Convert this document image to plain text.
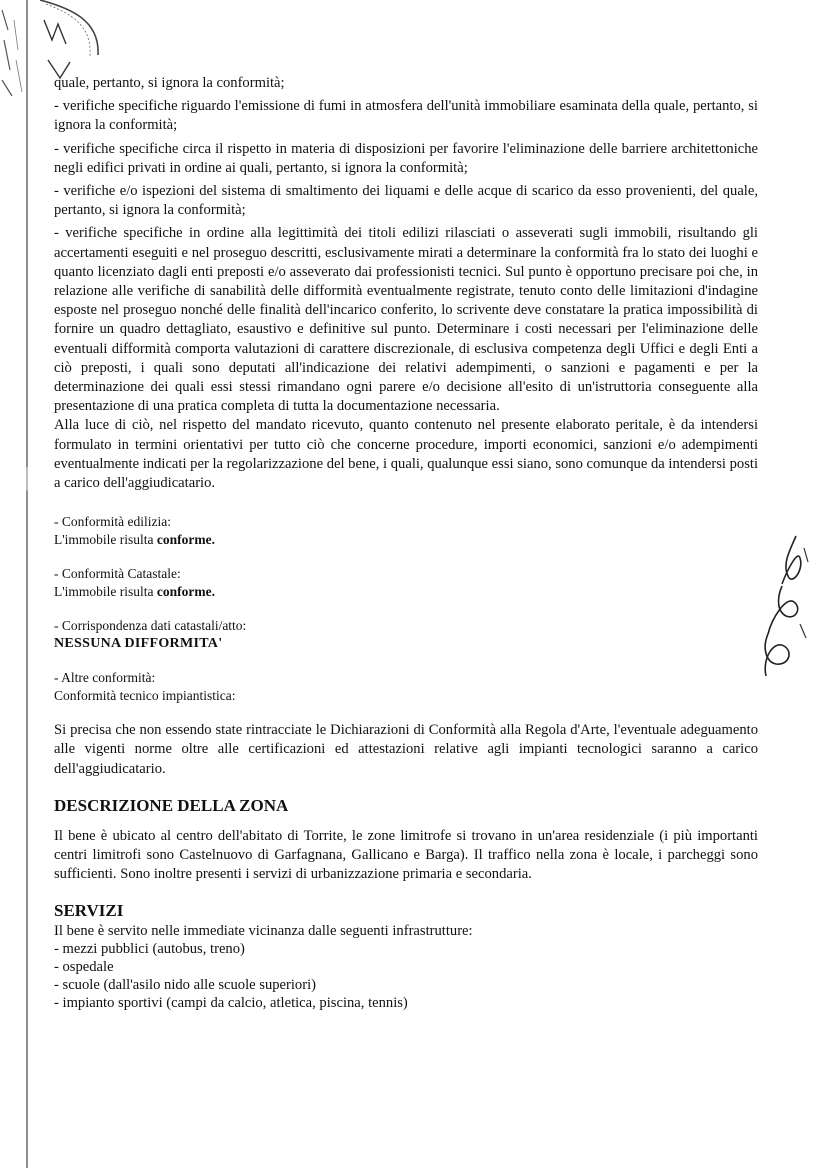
quale, pertanto, si ignora la conformità;

- verifiche specifiche riguardo l'emissione di fumi in atmosfera dell'unità immobiliare esaminata della quale, pertanto, si ignora la conformità;

- verifiche specifiche circa il rispetto in materia di disposizioni per favorire l'eliminazione delle barriere architettoniche negli edifici privati in ordine ai quali, pertanto, si ignora la conformità;

- verifiche e/o ispezioni del sistema di smaltimento dei liquami e delle acque di scarico da esso provenienti, del quale, pertanto, si ignora la conformità;

- verifiche specifiche in ordine alla legittimità dei titoli edilizi rilasciati o asseverati sugli immobili, risultando gli accertamenti eseguiti e nel proseguo descritti, esclusivamente mirati a determinare la conformità fra lo stato dei luoghi e quanto licenziato dagli enti preposti e/o asseverato dai professionisti tecnici. Sul punto è opportuno precisare poi che, in relazione alle verifiche di sanabilità delle difformità eventualmente registrate, tenuto conto delle limitazioni d'indagine esposte nel proseguo nonché delle finalità dell'incarico conferito, lo scrivente deve constatare la pratica impossibilità di fornire un quadro dettagliato, esaustivo e definitive sul punto. Determinare i costi necessari per l'eliminazione delle eventuali difformità comporta valutazioni di carattere discrezionale, di esclusiva competenza degli Uffici e degli Enti a ciò preposti, i quali sono deputati all'indicazione dei relativi adempimenti, o sanzioni e pagamenti e per la determinazione dei quali essi stessi rimandano ogni parere e/o decisione all'esito di un'istruttoria conseguente alla presentazione di una pratica completa di tutta la documentazione necessaria.

Alla luce di ciò, nel rispetto del mandato ricevuto, quanto contenuto nel presente elaborato peritale, è da intendersi formulato in termini orientativi per tutto ciò che concerne procedure, importi economici, sanzioni e/o adempimenti eventualmente indicati per la regolarizzazione del bene, i quali, qualunque essi siano, sono comunque da intendersi posti a carico dell'aggiudicatario.

- Conformità edilizia:
L'immobile risulta conforme.
- Conformità Catastale:
L'immobile risulta conforme.
- Corrispondenza dati catastali/atto:
NESSUNA DIFFORMITA'
- Altre conformità:
Conformità tecnico impiantistica:

Si precisa che non essendo state rintracciate le Dichiarazioni di Conformità alla Regola d'Arte, l'eventuale adeguamento alle vigenti norme oltre alle certificazioni ed attestazioni relative agli impianti tecnologici saranno a carico dell'aggiudicatario.

DESCRIZIONE DELLA ZONA

Il bene è ubicato al centro dell'abitato di Torrite, le zone limitrofe si trovano in un'area residenziale (i più importanti centri limitrofi sono Castelnuovo di Garfagnana, Gallicano e Barga). Il traffico nella zona è locale, i parcheggi sono sufficienti. Sono inoltre presenti i servizi di urbanizzazione primaria e secondaria.

SERVIZI
Il bene è servito nelle immediate vicinanza dalle seguenti infrastrutture:
- mezzi pubblici (autobus, treno)
- ospedale
- scuole (dall'asilo nido alle scuole superiori)
- impianto sportivi (campi da calcio, atletica, piscina, tennis)
